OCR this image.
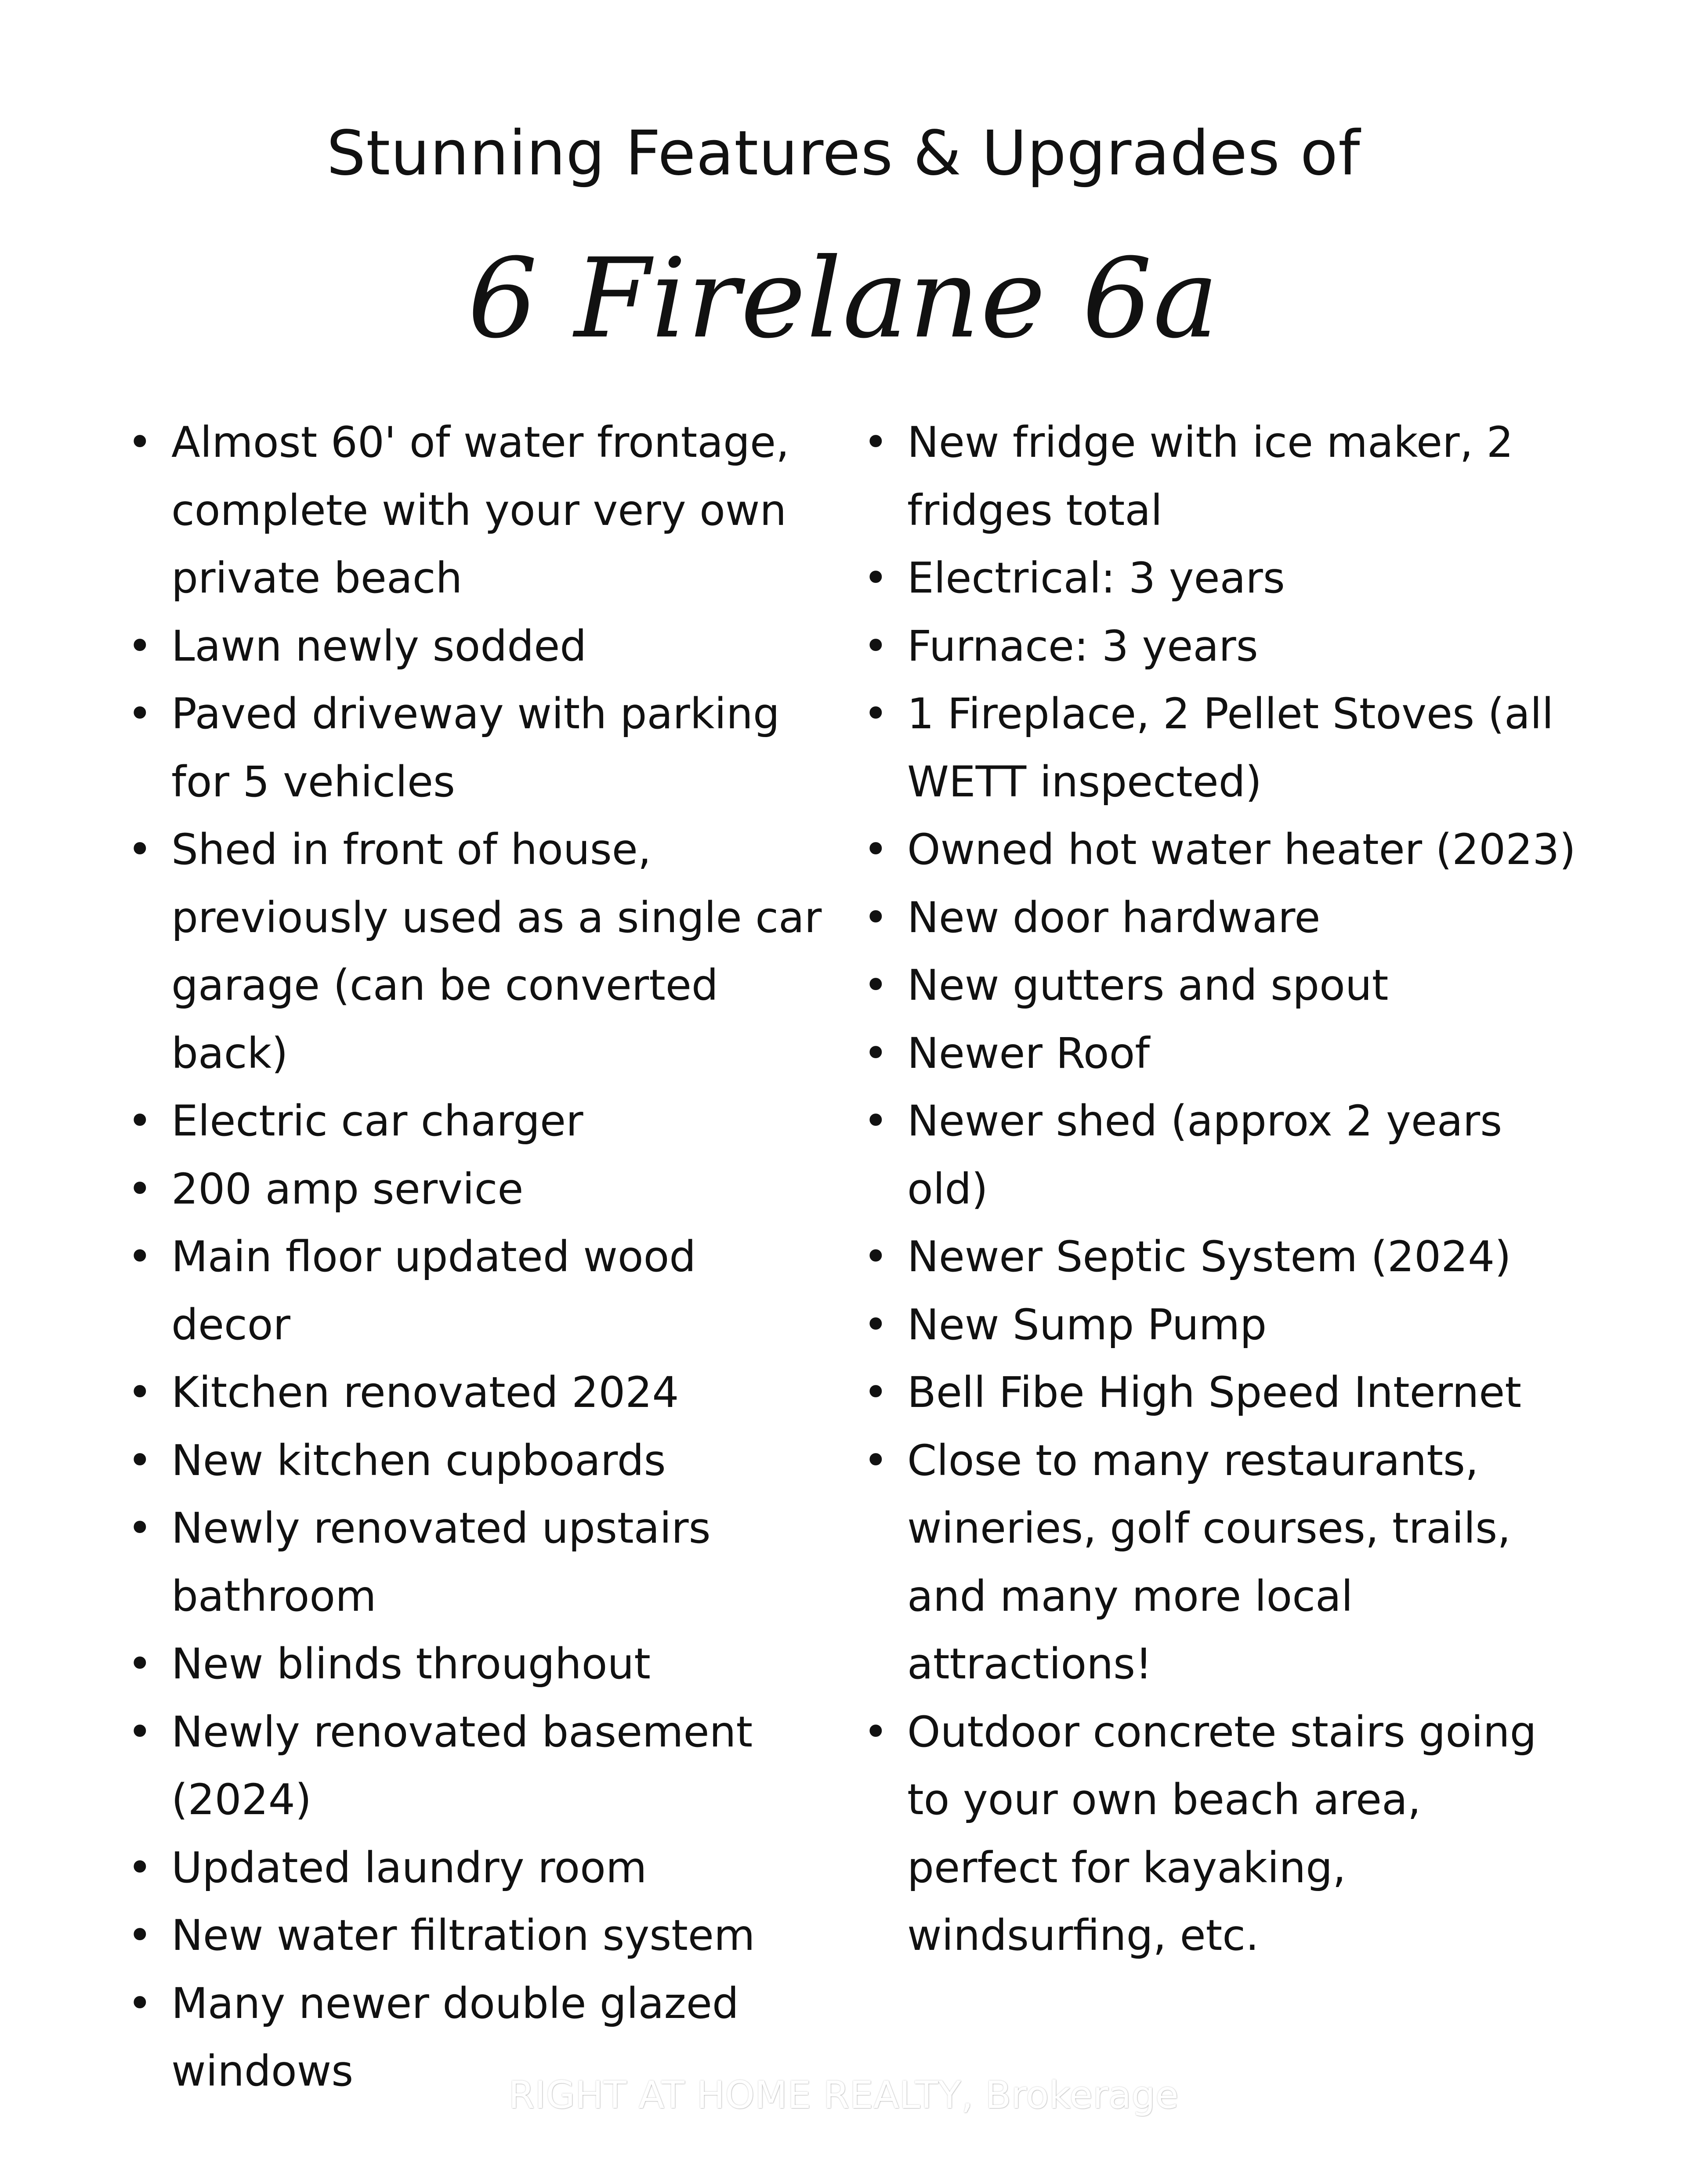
Stunning Features & Upgrades of
6 Firelane 6a
• Almost 60' of water frontage,
complete with your very own
private beach
• Lawn newly sodded
• Paved driveway with parking
for 5 vehicles
• Shed in front of house,
previously used as a single car
garage (can be converted
back)
• Electric car charger
• 200 amp service
• Main floor updated wood
decor
• Kitchen renovated 2024
• New kitchen cupboards
• Newly renovated upstairs
bathroom
• New blinds throughout
• Newly renovated basement
(2024)
• Updated laundry room
• New water filtration system
• Many newer double glazed
windows
• New fridge with ice maker, 2
fridges total
• Electrical: 3 years
• Furnace: 3 years
• 1 Fireplace, 2 Pellet Stoves (all
WETT inspected)
• Owned hot water heater (2023)
• New door hardware
• New gutters and spout
• Newer Roof
• Newer shed (approx 2 years
old)
• Newer Septic System (2024)
• New Sump Pump
• Bell Fibe High Speed Internet
• Close to many restaurants,
wineries, golf courses, trails,
and many more local
attractions!
• Outdoor concrete stairs going
to your own beach area,
perfect for kayaking,
windsurfing, etc.
RIGHT AT HOME REALTY, Brokerage
